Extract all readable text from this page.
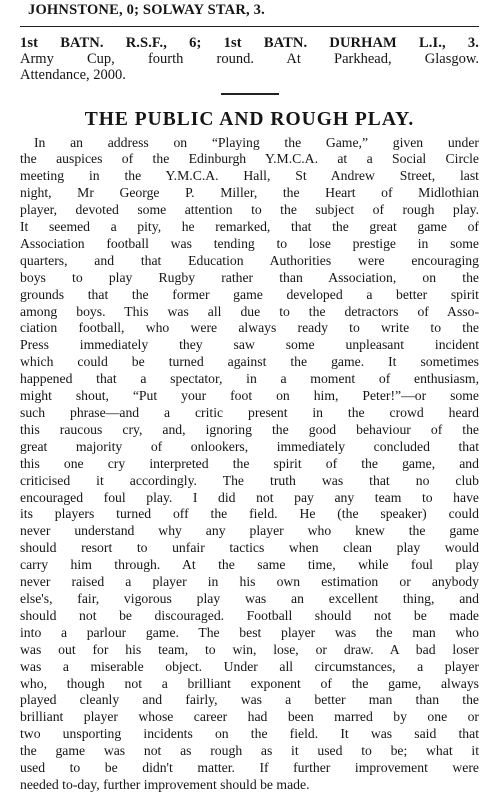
JOHNSTONE, 0; SOLWAY STAR, 3.
1st BATN. R.S.F., 6; 1st BATN. DURHAM L.I., 3.
Army Cup, fourth round. At Parkhead, Glasgow.
Attendance, 2000.
THE PUBLIC AND ROUGH PLAY.
In an address on “Playing the Game,” given under
the auspices of the Edinburgh Y.M.C.A. at a Social Circle
meeting in the Y.M.C.A. Hall, St Andrew Street, last
night, Mr George P. Miller, the Heart of Midlothian
player, devoted some attention to the subject of rough play.
It seemed a pity, he remarked, that the great game of
Association football was tending to lose prestige in some
quarters, and that Education Authorities were encouraging
boys to play Rugby rather than Association, on the
grounds that the former game developed a better spirit
among boys. This was all due to the detractors of Asso-
ciation football, who were always ready to write to the
Press immediately they saw some unpleasant incident
which could be turned against the game. It sometimes
happened that a spectator, in a moment of enthusiasm,
might shout, “Put your foot on him, Peter!”—or some
such phrase—and a critic present in the crowd heard
this raucous cry, and, ignoring the good behaviour of the
great majority of onlookers, immediately concluded that
this one cry interpreted the spirit of the game, and
criticised it accordingly. The truth was that no club
encouraged foul play. I did not pay any team to have
its players turned off the field. He (the speaker) could
never understand why any player who knew the game
should resort to unfair tactics when clean play would
carry him through. At the same time, while foul play
never raised a player in his own estimation or anybody
else's, fair, vigorous play was an excellent thing, and
should not be discouraged. Football should not be made
into a parlour game. The best player was the man who
was out for his team, to win, lose, or draw. A bad loser
was a miserable object. Under all circumstances, a player
who, though not a brilliant exponent of the game, always
played cleanly and fairly, was a better man than the
brilliant player whose career had been marred by one or
two unsporting incidents on the field. It was said that
the game was not as rough as it used to be; what it
used to be didn't matter. If further improvement were
needed to-day, further improvement should be made.
